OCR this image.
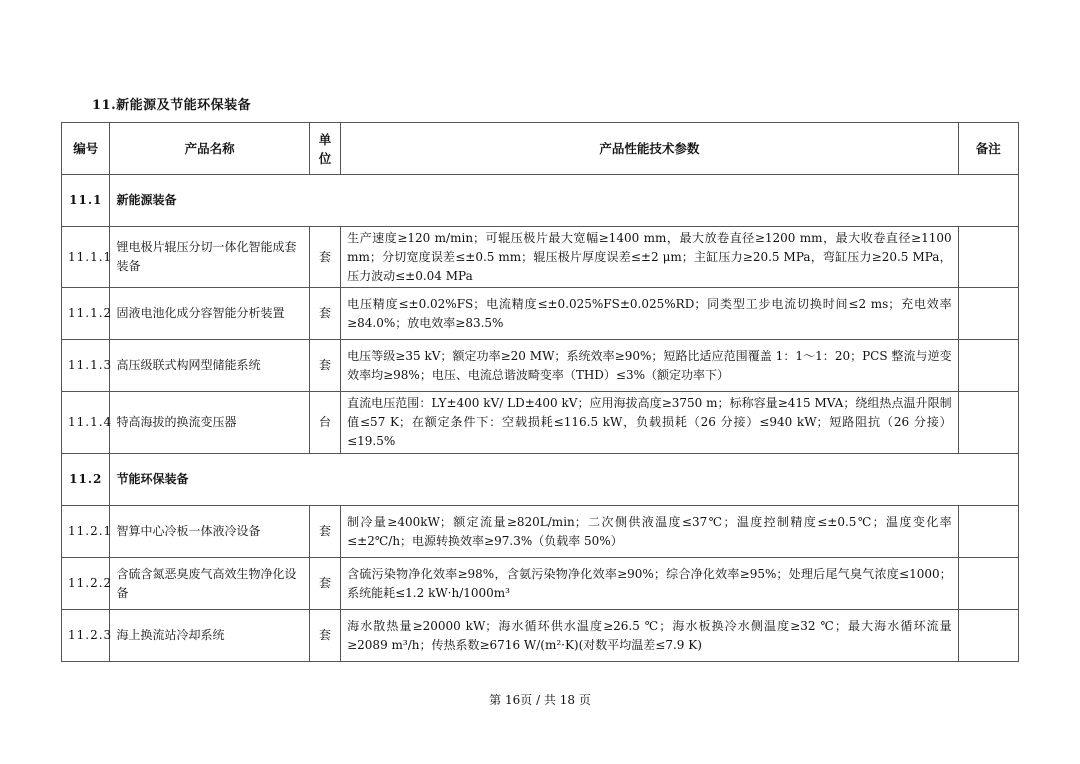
11.新能源及节能环保装备
编号	产品名称	单位	产品性能技术参数	备注
11.1	新能源装备			
11.1.1	锂电极片辊压分切一体化智能成套装备	套	生产速度≥120 m/min；可辊压极片最大宽幅≥1400 mm，最大放卷直径≥1200 mm，最大收卷直径≥1100 mm；分切宽度误差≤±0.5 mm；辊压极片厚度误差≤±2 μm；主缸压力≥20.5 MPa，弯缸压力≥20.5 MPa，压力波动≤±0.04 MPa	
11.1.2	固液电池化成分容智能分析装置	套	电压精度≤±0.02%FS；电流精度≤±0.025%FS±0.025%RD；同类型工步电流切换时间≤2 ms；充电效率≥84.0%；放电效率≥83.5%	
11.1.3	高压级联式构网型储能系统	套	电压等级≥35 kV；额定功率≥20 MW；系统效率≥90%；短路比适应范围覆盖 1：1～1：20；PCS 整流与逆变效率均≥98%；电压、电流总谐波畸变率（THD）≤3%（额定功率下）	
11.1.4	特高海拔的换流变压器	台	直流电压范围：LY±400 kV/ LD±400 kV；应用海拔高度≥3750 m；标称容量≥415 MVA；绕组热点温升限制值≤57 K；在额定条件下：空载损耗≤116.5 kW，负载损耗（26 分接）≤940 kW；短路阻抗（26 分接）≤19.5%	
11.2	节能环保装备			
11.2.1	智算中心冷板一体液冷设备	套	制冷量≥400kW；额定流量≥820L/min；二次侧供液温度≤37℃；温度控制精度≤±0.5℃；温度变化率≤±2℃/h；电源转换效率≥97.3%（负载率 50%）	
11.2.2	含硫含氮恶臭废气高效生物净化设备	套	含硫污染物净化效率≥98%，含氨污染物净化效率≥90%；综合净化效率≥95%；处理后尾气臭气浓度≤1000；系统能耗≤1.2 kW·h/1000m³	
11.2.3	海上换流站冷却系统	套	海水散热量≥20000 kW；海水循环供水温度≥26.5 ℃；海水板换冷水侧温度≥32 ℃；最大海水循环流量≥2089 m³/h；传热系数≥6716 W/(m²·K)(对数平均温差≤7.9 K)	
第 16页 / 共 18 页
